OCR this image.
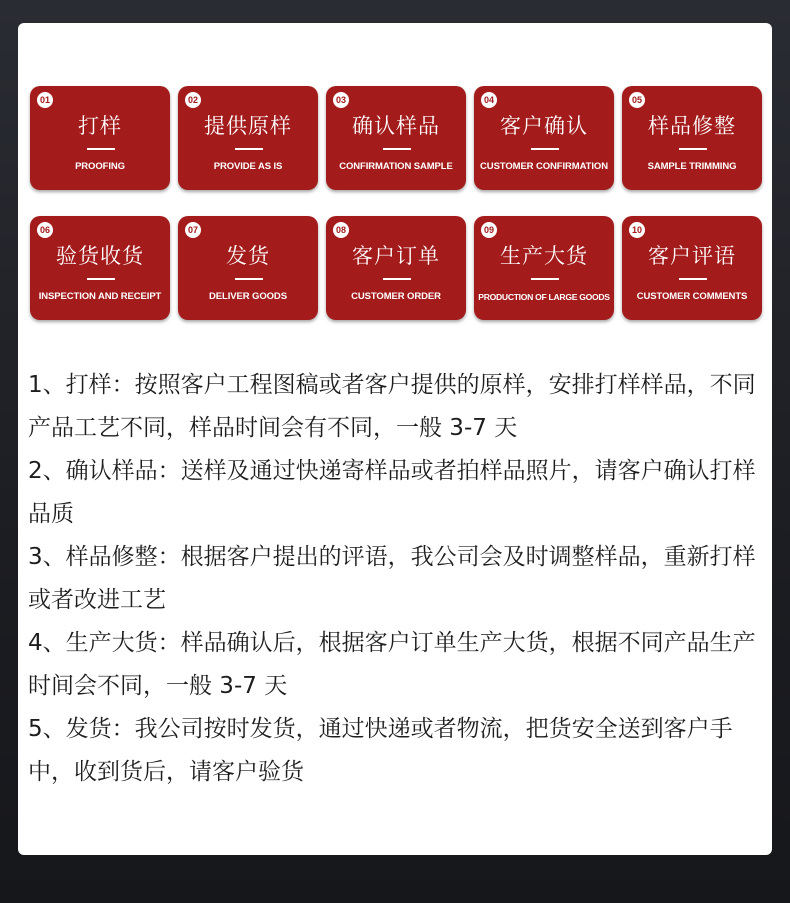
01
打样
PROOFING
02
提供原样
PROVIDE AS IS
03
确认样品
CONFIRMATION SAMPLE
04
客户确认
CUSTOMER CONFIRMATION
05
样品修整
SAMPLE TRIMMING
06
验货收货
INSPECTION AND RECEIPT
07
发货
DELIVER GOODS
08
客户订单
CUSTOMER ORDER
09
生产大货
PRODUCTION OF LARGE GOODS
10
客户评语
CUSTOMER COMMENTS

1、打样：按照客户工程图稿或者客户提供的原样，安排打样样品，不同产品工艺不同，样品时间会有不同，一般 3-7 天

2、确认样品：送样及通过快递寄样品或者拍样品照片，请客户确认打样品质

3、样品修整：根据客户提出的评语，我公司会及时调整样品，重新打样或者改进工艺

4、生产大货：样品确认后，根据客户订单生产大货，根据不同产品生产时间会不同，一般 3-7 天

5、发货：我公司按时发货，通过快递或者物流，把货安全送到客户手中，收到货后，请客户验货
